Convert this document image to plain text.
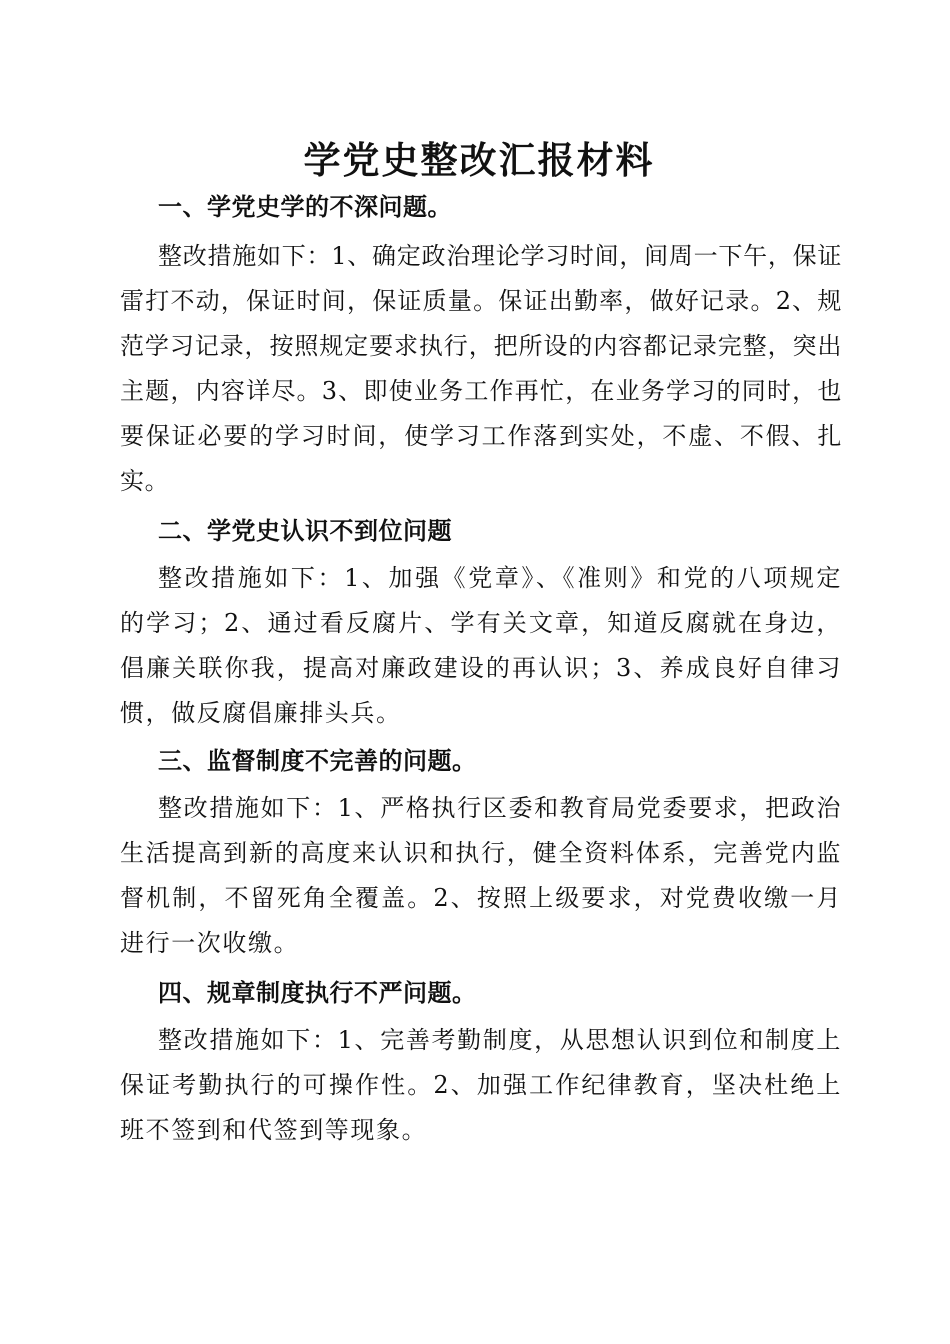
学党史整改汇报材料
一、学党史学的不深问题。

整改措施如下：1、确定政治理论学习时间，间周一下午，保证雷打不动，保证时间，保证质量。保证出勤率，做好记录。2、规范学习记录，按照规定要求执行，把所设的内容都记录完整，突出主题，内容详尽。3、即使业务工作再忙，在业务学习的同时，也要保证必要的学习时间，使学习工作落到实处，不虚、不假、扎实。

二、学党史认识不到位问题

整改措施如下：1、加强《党章》、《准则》和党的八项规定的学习；2、通过看反腐片、学有关文章，知道反腐就在身边，倡廉关联你我，提高对廉政建设的再认识；3、养成良好自律习惯，做反腐倡廉排头兵。

三、监督制度不完善的问题。

整改措施如下：1、严格执行区委和教育局党委要求，把政治生活提高到新的高度来认识和执行，健全资料体系，完善党内监督机制，不留死角全覆盖。2、按照上级要求，对党费收缴一月进行一次收缴。

四、规章制度执行不严问题。

整改措施如下：1、完善考勤制度，从思想认识到位和制度上保证考勤执行的可操作性。2、加强工作纪律教育，坚决杜绝上班不签到和代签到等现象。
